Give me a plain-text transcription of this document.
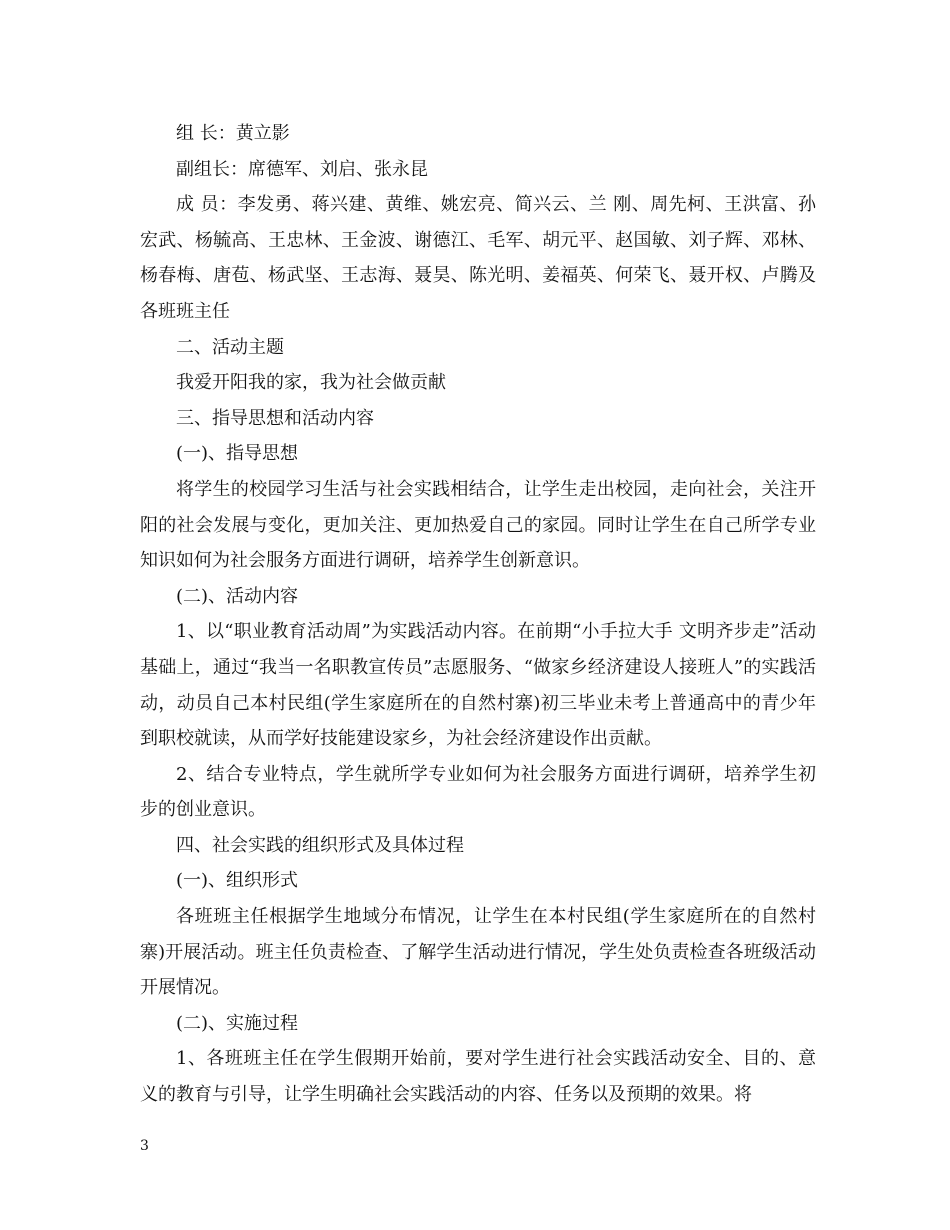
组 长：黄立影

副组长：席德军、刘启、张永昆

成 员：李发勇、蒋兴建、黄维、姚宏亮、简兴云、兰 刚、周先柯、王洪富、孙宏武、杨毓高、王忠林、王金波、谢德江、毛军、胡元平、赵国敏、刘子辉、邓林、杨春梅、唐苞、杨武坚、王志海、聂昊、陈光明、姜福英、何荣飞、聂开权、卢腾及各班班主任

二、活动主题

我爱开阳我的家，我为社会做贡献

三、指导思想和活动内容

(一)、指导思想

将学生的校园学习生活与社会实践相结合，让学生走出校园，走向社会，关注开阳的社会发展与变化，更加关注、更加热爱自己的家园。同时让学生在自己所学专业知识如何为社会服务方面进行调研，培养学生创新意识。

(二)、活动内容

1、以“职业教育活动周”为实践活动内容。在前期“小手拉大手 文明齐步走”活动基础上，通过“我当一名职教宣传员”志愿服务、“做家乡经济建设人接班人”的实践活动，动员自己本村民组(学生家庭所在的自然村寨)初三毕业未考上普通高中的青少年到职校就读，从而学好技能建设家乡，为社会经济建设作出贡献。

2、结合专业特点，学生就所学专业如何为社会服务方面进行调研，培养学生初步的创业意识。

四、社会实践的组织形式及具体过程

(一)、组织形式

各班班主任根据学生地域分布情况，让学生在本村民组(学生家庭所在的自然村寨)开展活动。班主任负责检查、了解学生活动进行情况，学生处负责检查各班级活动开展情况。

(二)、实施过程

1、各班班主任在学生假期开始前，要对学生进行社会实践活动安全、目的、意义的教育与引导，让学生明确社会实践活动的内容、任务以及预期的效果。将

3
